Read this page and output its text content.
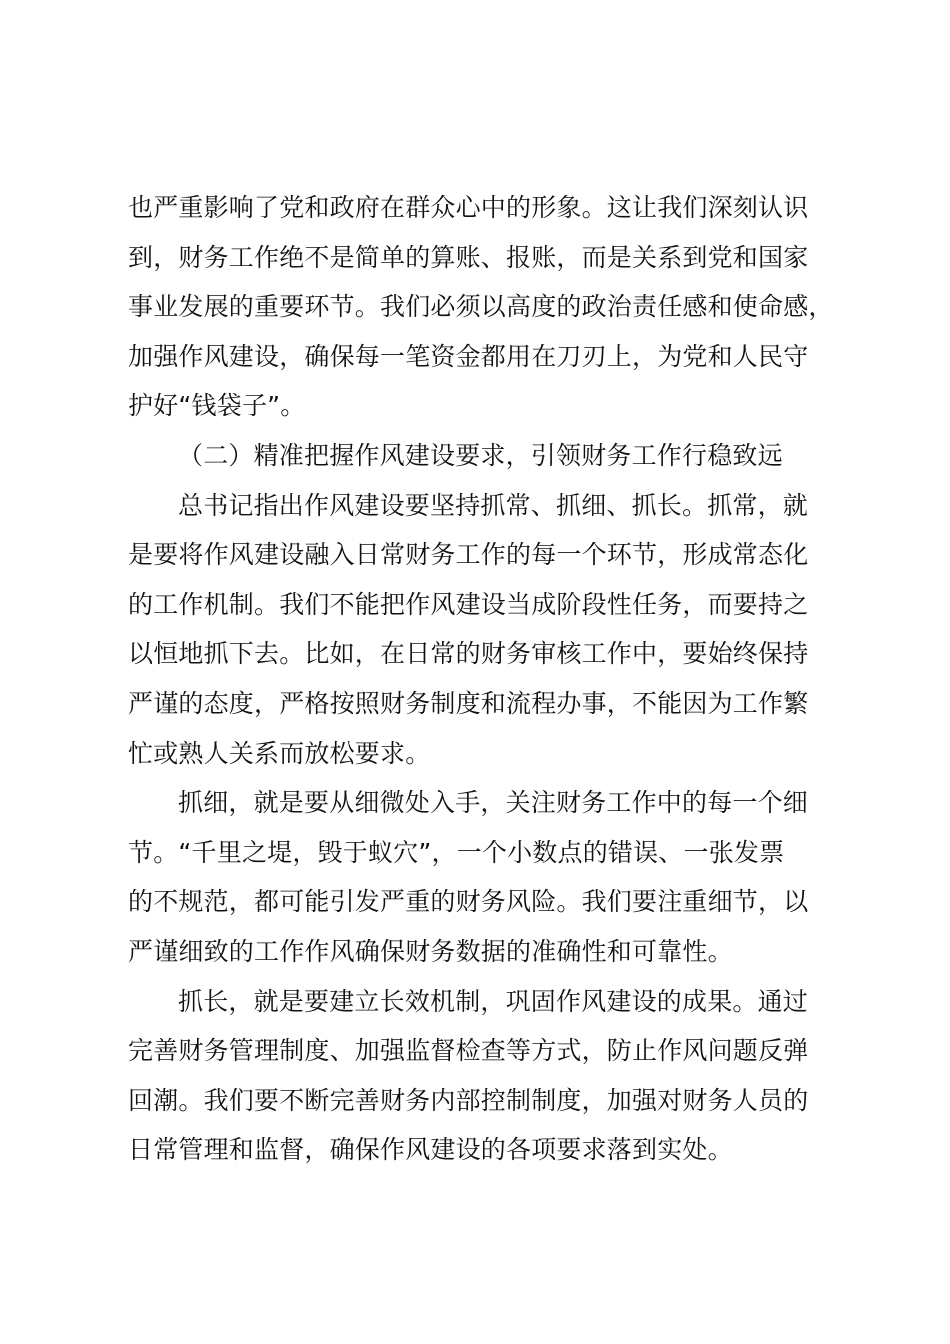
也严重影响了党和政府在群众心中的形象。这让我们深刻认识
到，财务工作绝不是简单的算账、报账，而是关系到党和国家
事业发展的重要环节。我们必须以高度的政治责任感和使命感，
加强作风建设，确保每一笔资金都用在刀刃上，为党和人民守
护好“钱袋子”。

（二）精准把握作风建设要求，引领财务工作行稳致远

总书记指出作风建设要坚持抓常、抓细、抓长。抓常，就
是要将作风建设融入日常财务工作的每一个环节，形成常态化
的工作机制。我们不能把作风建设当成阶段性任务，而要持之
以恒地抓下去。比如，在日常的财务审核工作中，要始终保持
严谨的态度，严格按照财务制度和流程办事，不能因为工作繁
忙或熟人关系而放松要求。

抓细，就是要从细微处入手，关注财务工作中的每一个细
节。“千里之堤，毁于蚁穴”，一个小数点的错误、一张发票
的不规范，都可能引发严重的财务风险。我们要注重细节，以
严谨细致的工作作风确保财务数据的准确性和可靠性。

抓长，就是要建立长效机制，巩固作风建设的成果。通过
完善财务管理制度、加强监督检查等方式，防止作风问题反弹
回潮。我们要不断完善财务内部控制制度，加强对财务人员的
日常管理和监督，确保作风建设的各项要求落到实处。
